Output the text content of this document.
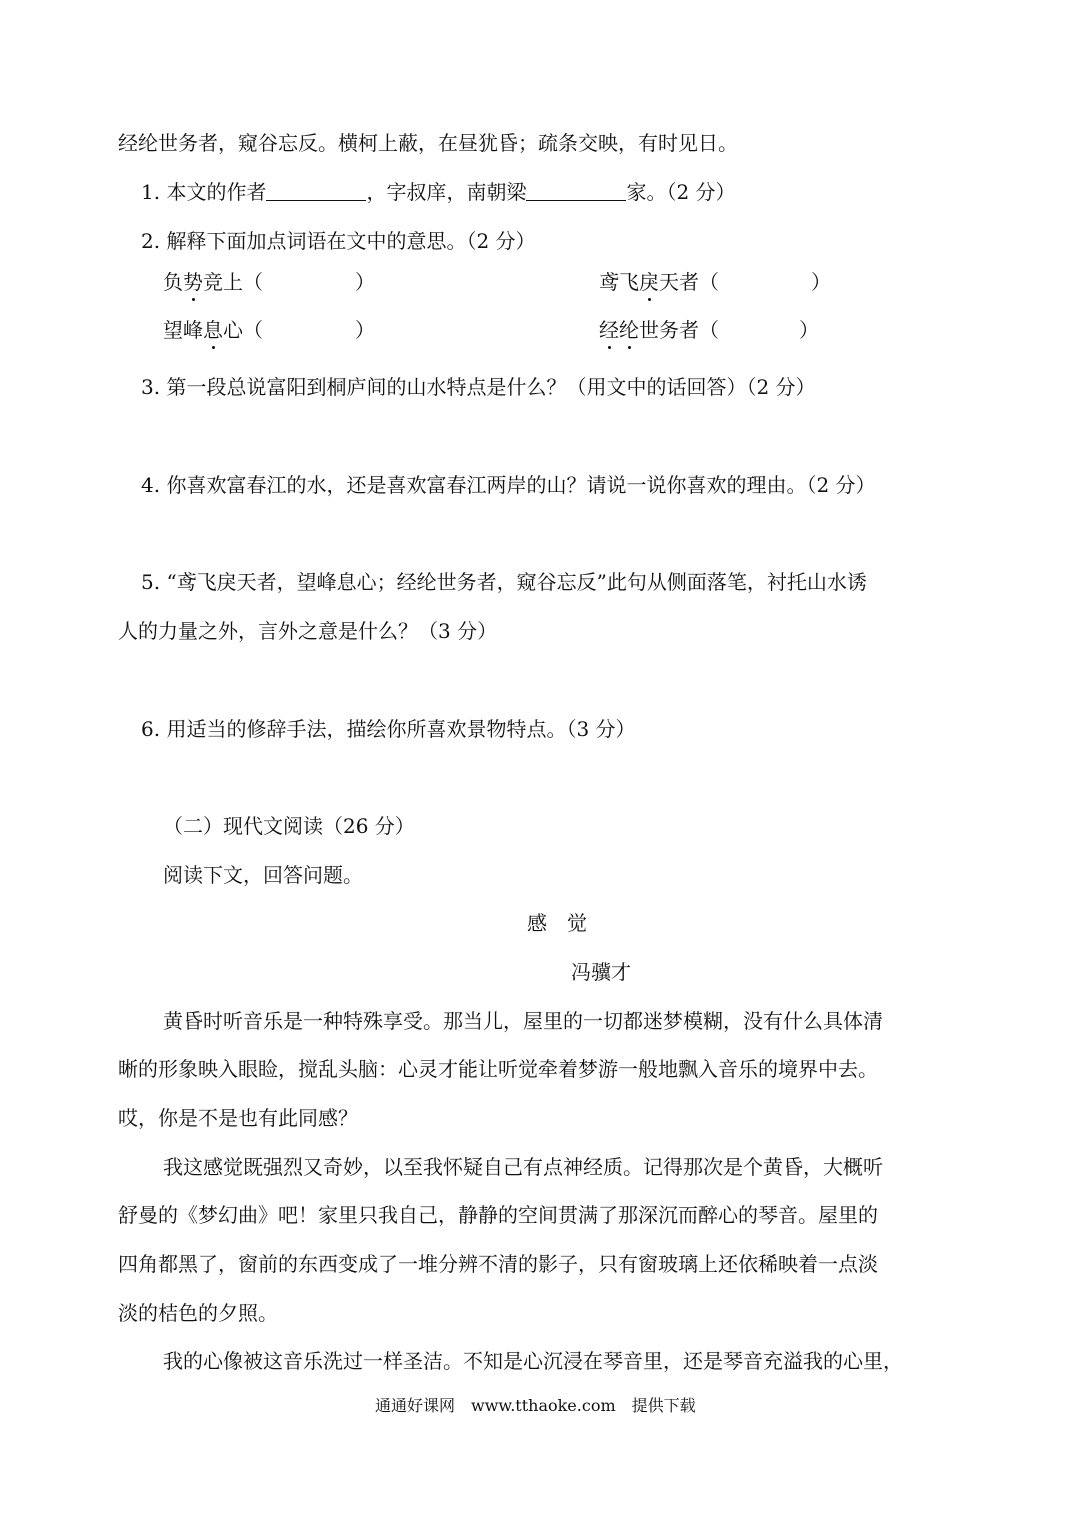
经纶世务者，窥谷忘反。横柯上蔽，在昼犹昏；疏条交映，有时见日。
1. 本文的作者	，字叔庠，南朝梁	家。（2 分）
2. 解释下面加点词语在文中的意思。（2 分）
负势竞上（	）	鸢飞戾天者（	）
望峰息心（	）	经纶世务者（	）
3. 第一段总说富阳到桐庐间的山水特点是什么？（用文中的话回答）（2 分）
4. 你喜欢富春江的水，还是喜欢富春江两岸的山？请说一说你喜欢的理由。（2 分）
5. “鸢飞戾天者，望峰息心；经纶世务者，窥谷忘反”此句从侧面落笔，衬托山水诱
人的力量之外，言外之意是什么？（3 分）
6. 用适当的修辞手法，描绘你所喜欢景物特点。（3 分）
（二）现代文阅读（26 分）
阅读下文，回答问题。
感　觉
冯骥才
黄昏时听音乐是一种特殊享受。那当儿，屋里的一切都迷梦模糊，没有什么具体清
晰的形象映入眼睑，搅乱头脑：心灵才能让听觉牵着梦游一般地飘入音乐的境界中去。
哎，你是不是也有此同感？
我这感觉既强烈又奇妙，以至我怀疑自己有点神经质。记得那次是个黄昏，大概听
舒曼的《梦幻曲》吧！家里只我自己，静静的空间贯满了那深沉而醉心的琴音。屋里的
四角都黑了，窗前的东西变成了一堆分辨不清的影子，只有窗玻璃上还依稀映着一点淡
淡的桔色的夕照。
我的心像被这音乐洗过一样圣洁。不知是心沉浸在琴音里，还是琴音充溢我的心里，
通通好课网　www.tthaoke.com　提供下载
